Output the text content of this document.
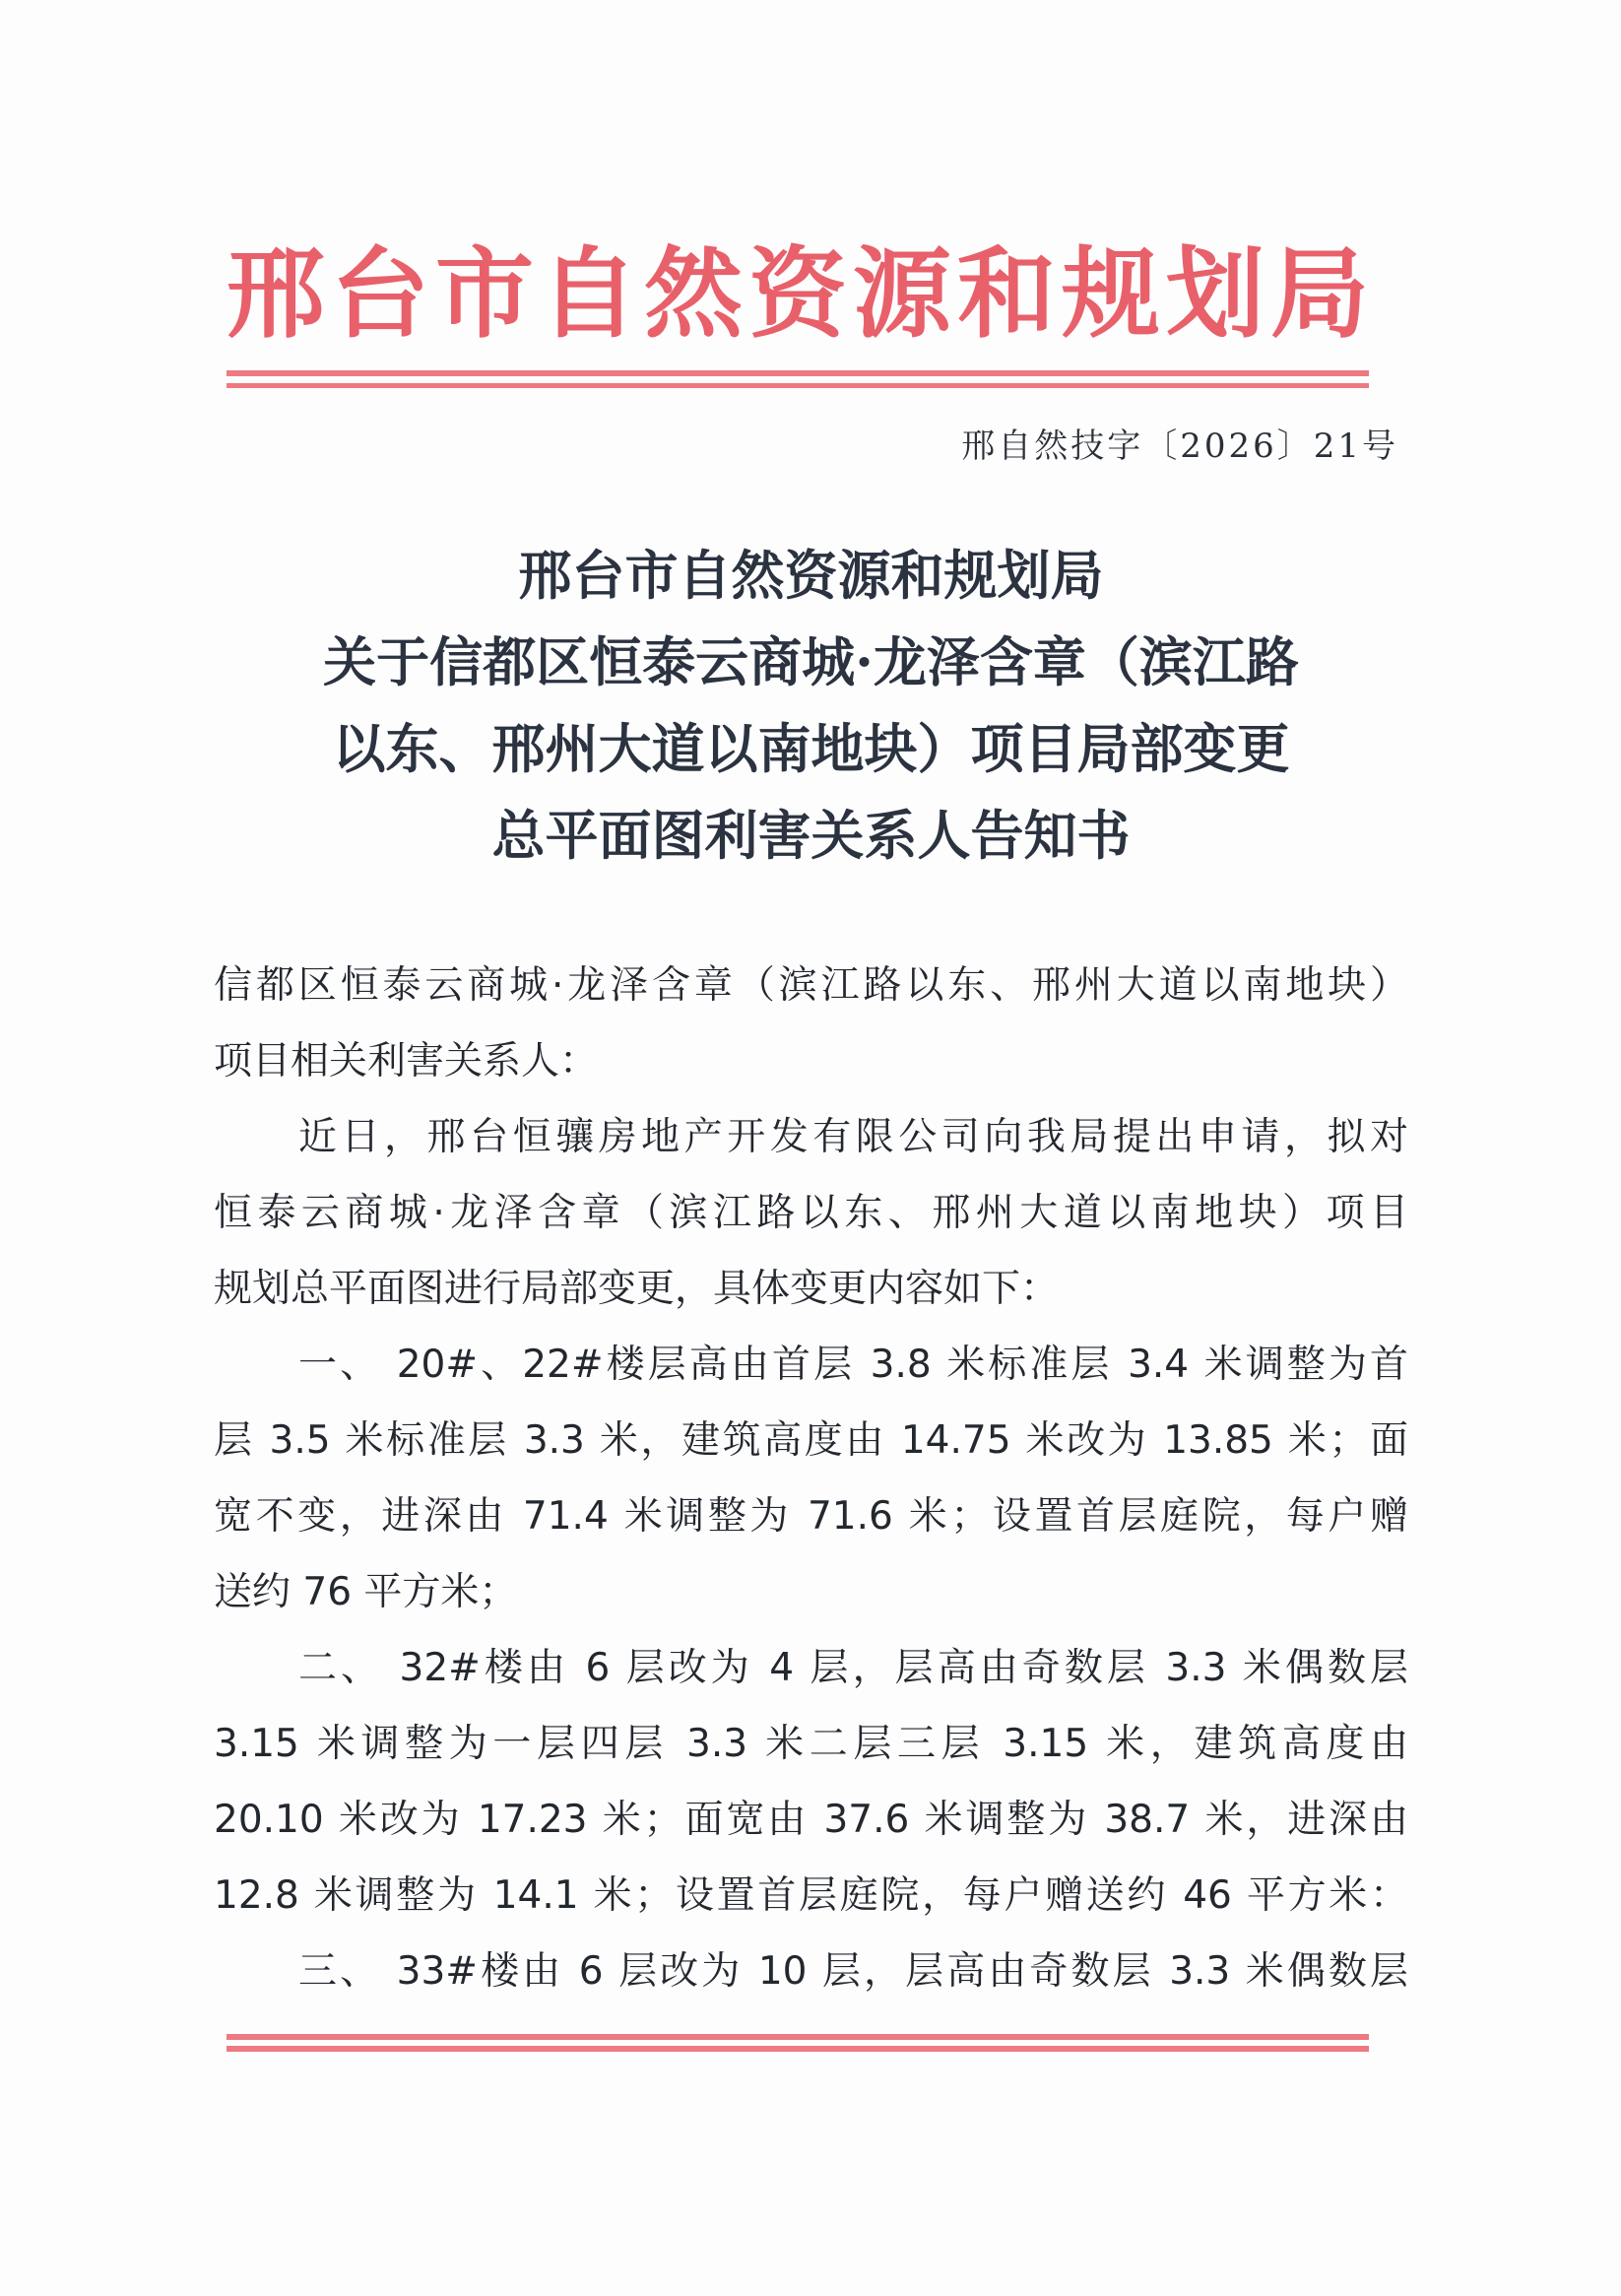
邢台市自然资源和规划局
邢自然技字〔2026〕21号
邢台市自然资源和规划局
关于信都区恒泰云商城·龙泽含章（滨江路
以东、邢州大道以南地块）项目局部变更
总平面图利害关系人告知书
信都区恒泰云商城·龙泽含章（滨江路以东、邢州大道以南地块）
项目相关利害关系人：
近日，邢台恒骧房地产开发有限公司向我局提出申请，拟对
恒泰云商城·龙泽含章（滨江路以东、邢州大道以南地块）项目
规划总平面图进行局部变更，具体变更内容如下：
一、 20#、22#楼层高由首层 3.8 米标准层 3.4 米调整为首
层 3.5 米标准层 3.3 米，建筑高度由 14.75 米改为 13.85 米；面
宽不变，进深由 71.4 米调整为 71.6 米；设置首层庭院，每户赠
送约 76 平方米；
二、 32#楼由 6 层改为 4 层，层高由奇数层 3.3 米偶数层
3.15 米调整为一层四层 3.3 米二层三层 3.15 米，建筑高度由
20.10 米改为 17.23 米；面宽由 37.6 米调整为 38.7 米，进深由
12.8 米调整为 14.1 米；设置首层庭院，每户赠送约 46 平方米：
三、 33#楼由 6 层改为 10 层，层高由奇数层 3.3 米偶数层
